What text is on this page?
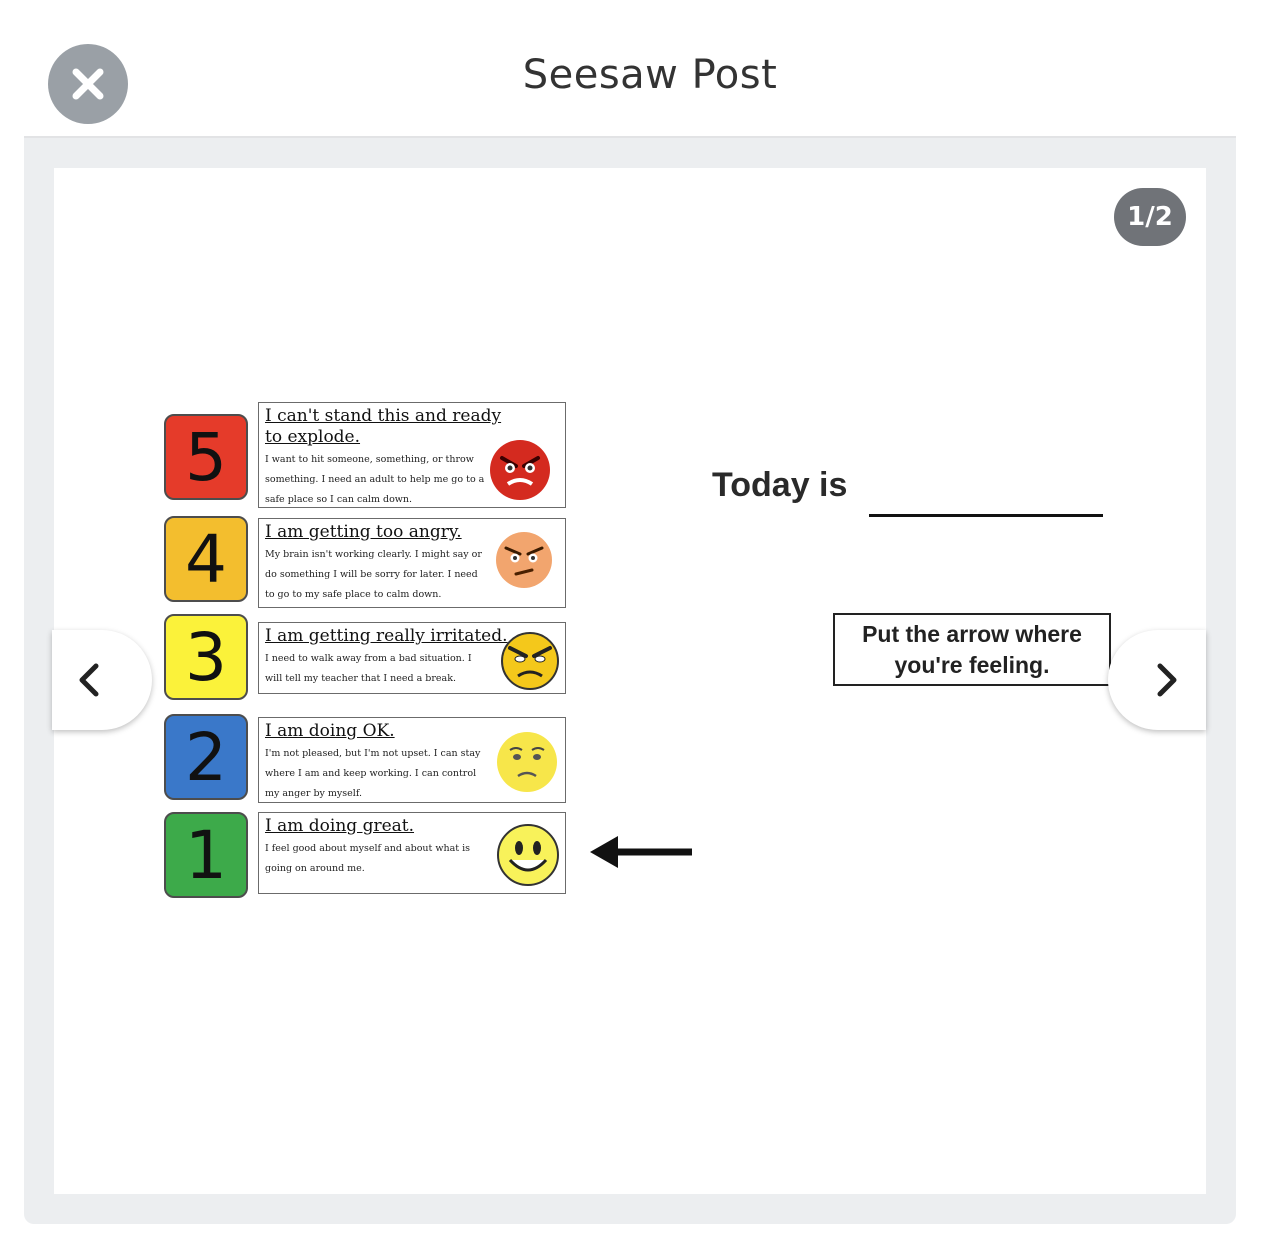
Seesaw Post
1/2
5
I can't stand this and ready to explode.

I want to hit someone, something, or throw something. I need an adult to help me go to a safe place so I can calm down.

4	I am getting too angry.

My brain isn't working clearly. I might say or do something I will be sorry for later. I need to go to my safe place to calm down.

3	I am getting really irritated.

I need to walk away from a bad situation. I will tell my teacher that I need a break.

2	I am doing OK.

I'm not pleased, but I'm not upset. I can stay where I am and keep working. I can control my anger by myself.

1	I am doing great.

I feel good about myself and about what is going on around me.

Today is
Put the arrow where you're feeling.
